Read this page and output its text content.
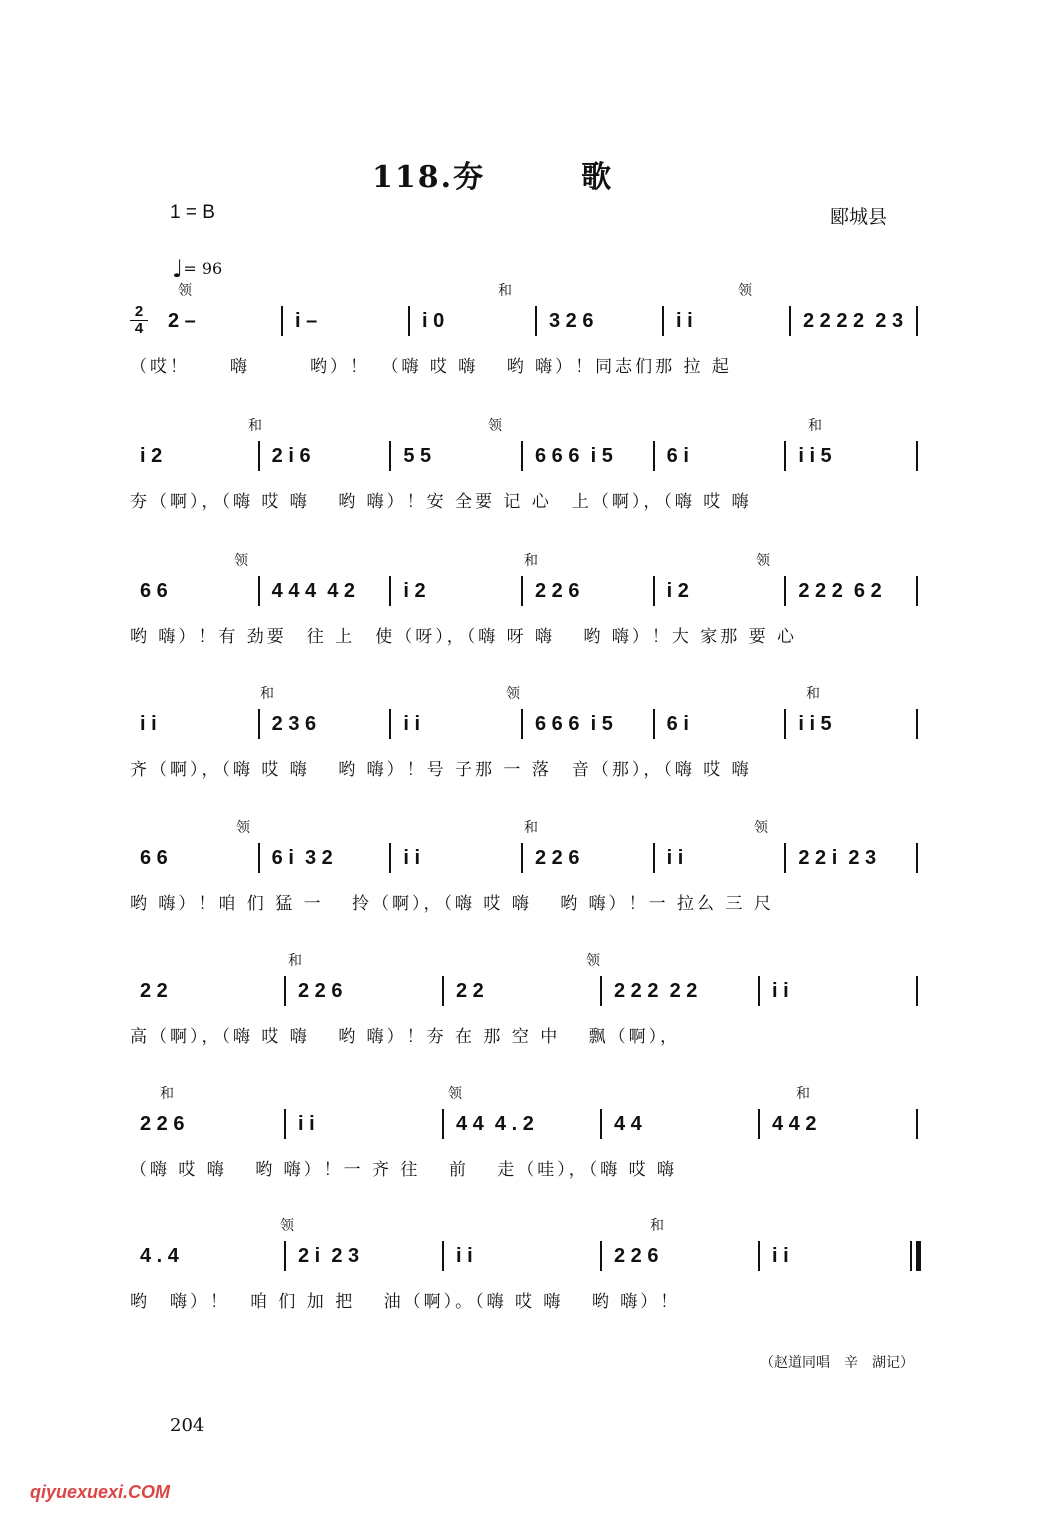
118.夯　　　歌
1 = B	郾城县
♩= 96
领	和	领
2
4 2 –	i –	i 0	3 2 6	i i	2 2 2 2  2 3
（哎！　　嗨　　　哟）！　（嗨 哎 嗨　 哟 嗨）！同志们那 拉 起
和	领	和
i 2	2 i 6	5 5	6 6 6  i 5	6 i	i i 5
夯（啊），（嗨 哎 嗨　 哟 嗨）！安 全要 记 心　上（啊），（嗨 哎 嗨
领	和	领
6 6	4 4 4  4 2 i 2	2 2 6	i 2	2 2 2  6 2
哟 嗨）！有 劲要　往 上　使（呀），（嗨 呀 嗨　 哟 嗨）！大 家那 要 心
和	领	和
i i	2 3 6	i i	6 6 6  i 5	6 i	i i 5
齐（啊），（嗨 哎 嗨　 哟 嗨）！号 子那 一 落　音（那），（嗨 哎 嗨
领	和	领
6 6	6 i  3 2	i i	2 2 6	i i	2 2 i  2 3
哟 嗨）！咱 们 猛 一　 拎（啊），（嗨 哎 嗨　 哟 嗨）！一 拉么 三 尺
和	领
2 2	2 2 6	2 2	2 2 2  2 2	i i
高（啊），（嗨 哎 嗨　 哟 嗨）！夯 在 那 空 中　 飘（啊），
和	领	和
2 2 6	i i	4 4  4 . 2	4 4	4 4 2
（嗨 哎 嗨　 哟 嗨）！一 齐 往　 前　 走（哇），（嗨 哎 嗨
领	和
4 . 4	2 i  2 3	i i	2 2 6	i i
哟　嗨）！　咱 们 加 把　 油（啊）。（嗨 哎 嗨　 哟 嗨）！
（赵道同唱　辛　湖记）
204
qiyuexuexi.COM
